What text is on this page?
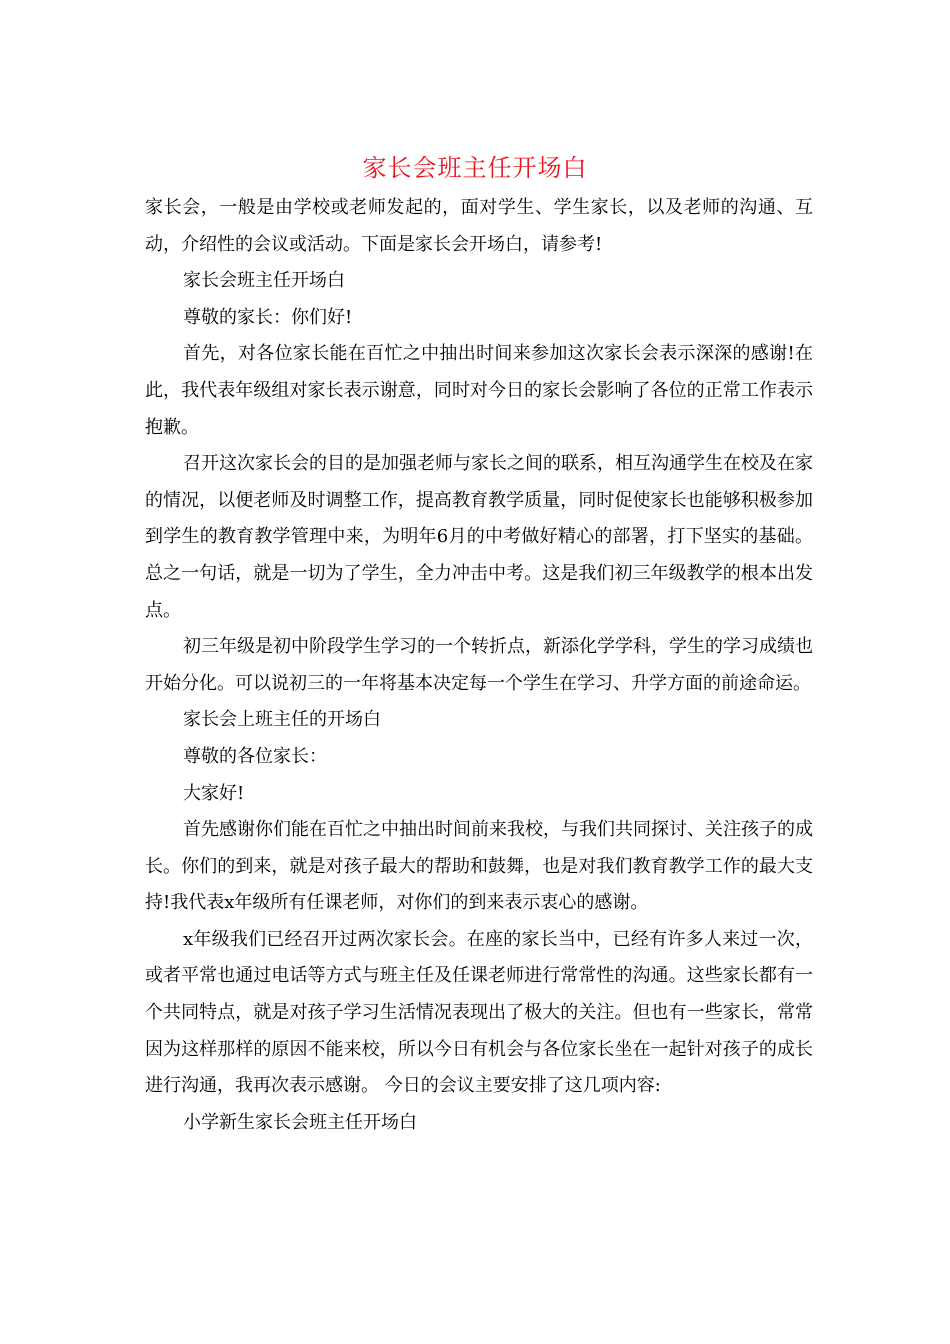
家长会班主任开场白

家长会，一般是由学校或老师发起的，面对学生、学生家长，以及老师的沟通、互动，介绍性的会议或活动。下面是家长会开场白，请参考!

家长会班主任开场白

尊敬的家长：你们好!

首先，对各位家长能在百忙之中抽出时间来参加这次家长会表示深深的感谢!在此，我代表年级组对家长表示谢意，同时对今日的家长会影响了各位的正常工作表示抱歉。

召开这次家长会的目的是加强老师与家长之间的联系，相互沟通学生在校及在家的情况，以便老师及时调整工作，提高教育教学质量，同时促使家长也能够积极参加到学生的教育教学管理中来，为明年6月的中考做好精心的部署，打下坚实的基础。总之一句话，就是一切为了学生，全力冲击中考。这是我们初三年级教学的根本出发点。

初三年级是初中阶段学生学习的一个转折点，新添化学学科，学生的学习成绩也开始分化。可以说初三的一年将基本决定每一个学生在学习、升学方面的前途命运。

家长会上班主任的开场白

尊敬的各位家长：

大家好!

首先感谢你们能在百忙之中抽出时间前来我校，与我们共同探讨、关注孩子的成长。你们的到来，就是对孩子最大的帮助和鼓舞，也是对我们教育教学工作的最大支持!我代表x年级所有任课老师，对你们的到来表示衷心的感谢。

x年级我们已经召开过两次家长会。在座的家长当中，已经有许多人来过一次，或者平常也通过电话等方式与班主任及任课老师进行常常性的沟通。这些家长都有一个共同特点，就是对孩子学习生活情况表现出了极大的关注。但也有一些家长，常常因为这样那样的原因不能来校，所以今日有机会与各位家长坐在一起针对孩子的成长进行沟通，我再次表示感谢。 今日的会议主要安排了这几项内容:

小学新生家长会班主任开场白
